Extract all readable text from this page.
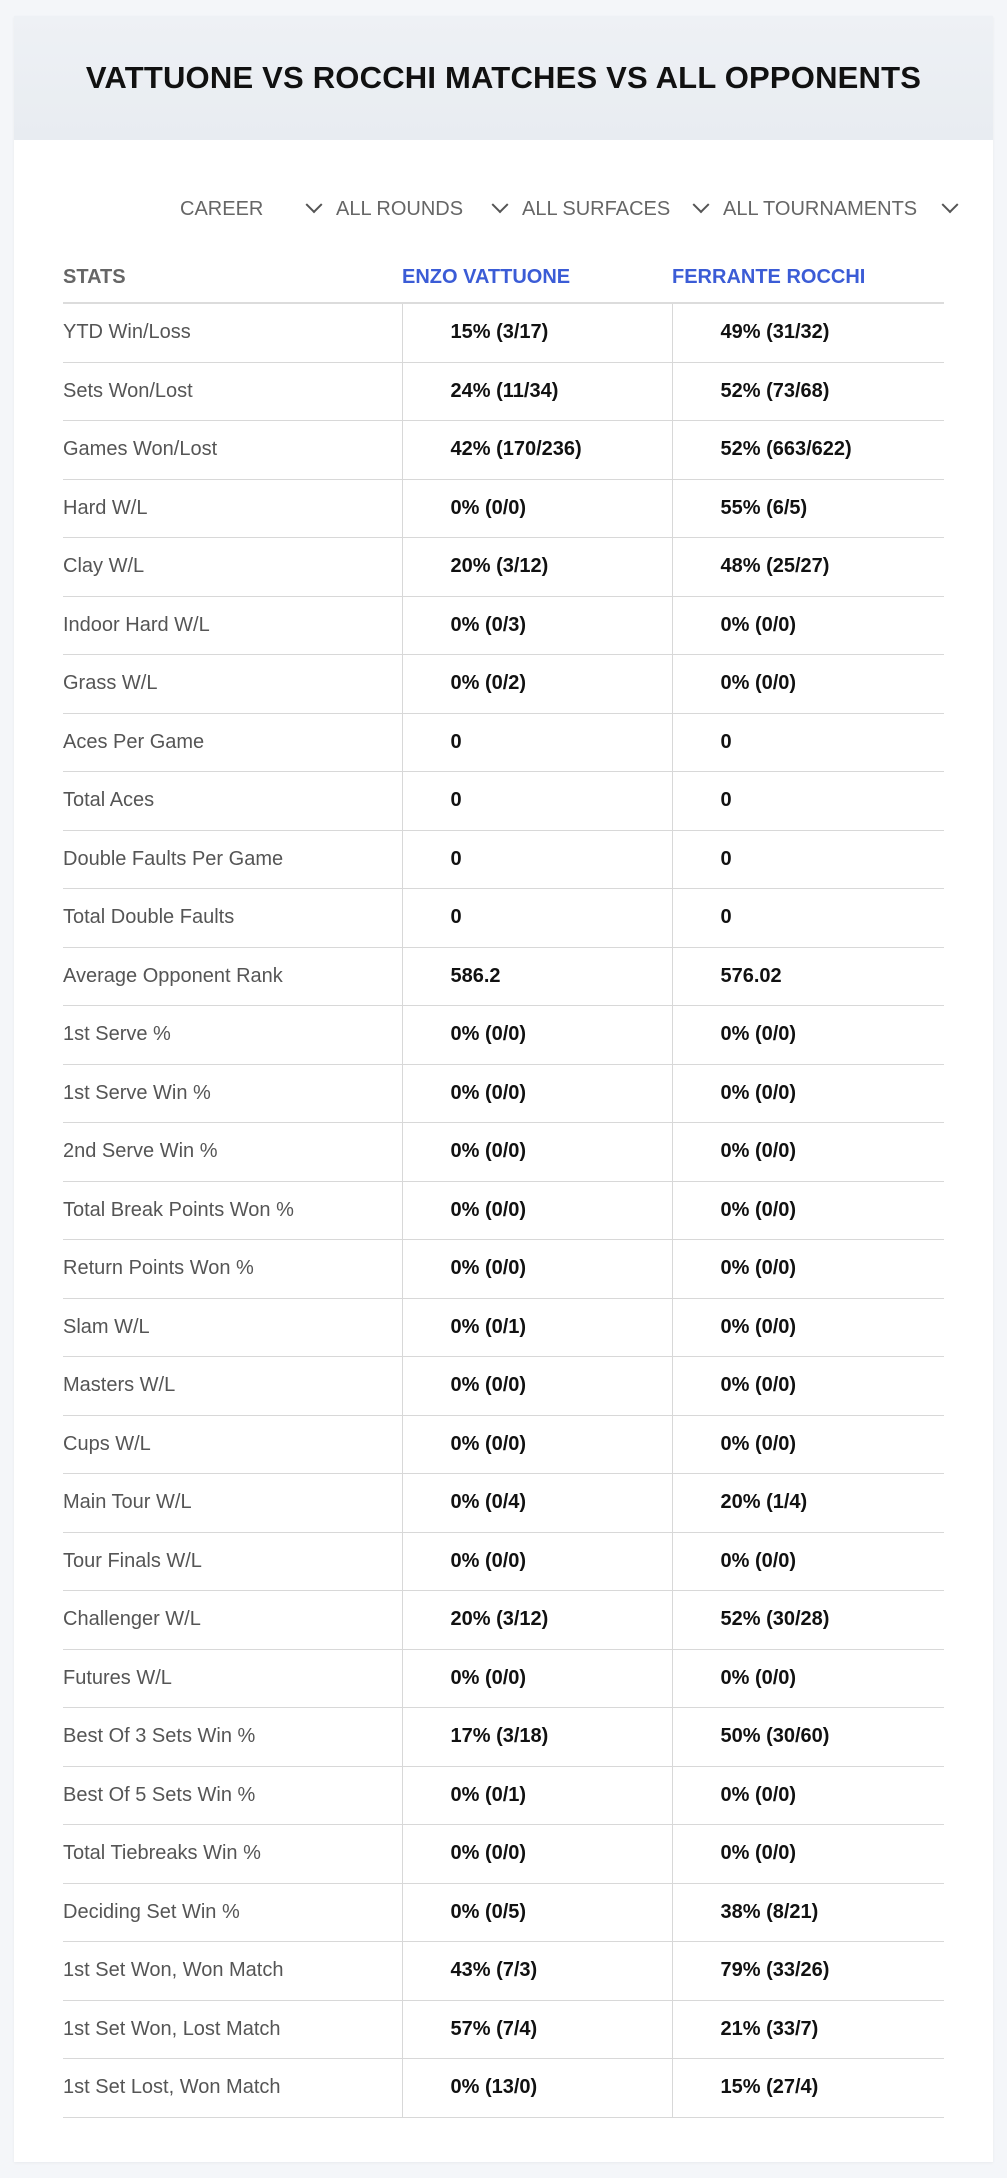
VATTUONE VS ROCCHI MATCHES VS ALL OPPONENTS
CAREER	ALL ROUNDS	ALL SURFACES	ALL TOURNAMENTS
STATS	ENZO VATTUONE	FERRANTE ROCCHI
YTD Win/Loss	15% (3/17)	49% (31/32)
Sets Won/Lost	24% (11/34)	52% (73/68)
Games Won/Lost	42% (170/236)	52% (663/622)
Hard W/L	0% (0/0)	55% (6/5)
Clay W/L	20% (3/12)	48% (25/27)
Indoor Hard W/L	0% (0/3)	0% (0/0)
Grass W/L	0% (0/2)	0% (0/0)
Aces Per Game	0	0
Total Aces	0	0
Double Faults Per Game	0	0
Total Double Faults	0	0
Average Opponent Rank	586.2	576.02
1st Serve %	0% (0/0)	0% (0/0)
1st Serve Win %	0% (0/0)	0% (0/0)
2nd Serve Win %	0% (0/0)	0% (0/0)
Total Break Points Won %	0% (0/0)	0% (0/0)
Return Points Won %	0% (0/0)	0% (0/0)
Slam W/L	0% (0/1)	0% (0/0)
Masters W/L	0% (0/0)	0% (0/0)
Cups W/L	0% (0/0)	0% (0/0)
Main Tour W/L	0% (0/4)	20% (1/4)
Tour Finals W/L	0% (0/0)	0% (0/0)
Challenger W/L	20% (3/12)	52% (30/28)
Futures W/L	0% (0/0)	0% (0/0)
Best Of 3 Sets Win %	17% (3/18)	50% (30/60)
Best Of 5 Sets Win %	0% (0/1)	0% (0/0)
Total Tiebreaks Win %	0% (0/0)	0% (0/0)
Deciding Set Win %	0% (0/5)	38% (8/21)
1st Set Won, Won Match	43% (7/3)	79% (33/26)
1st Set Won, Lost Match	57% (7/4)	21% (33/7)
1st Set Lost, Won Match	0% (13/0)	15% (27/4)
